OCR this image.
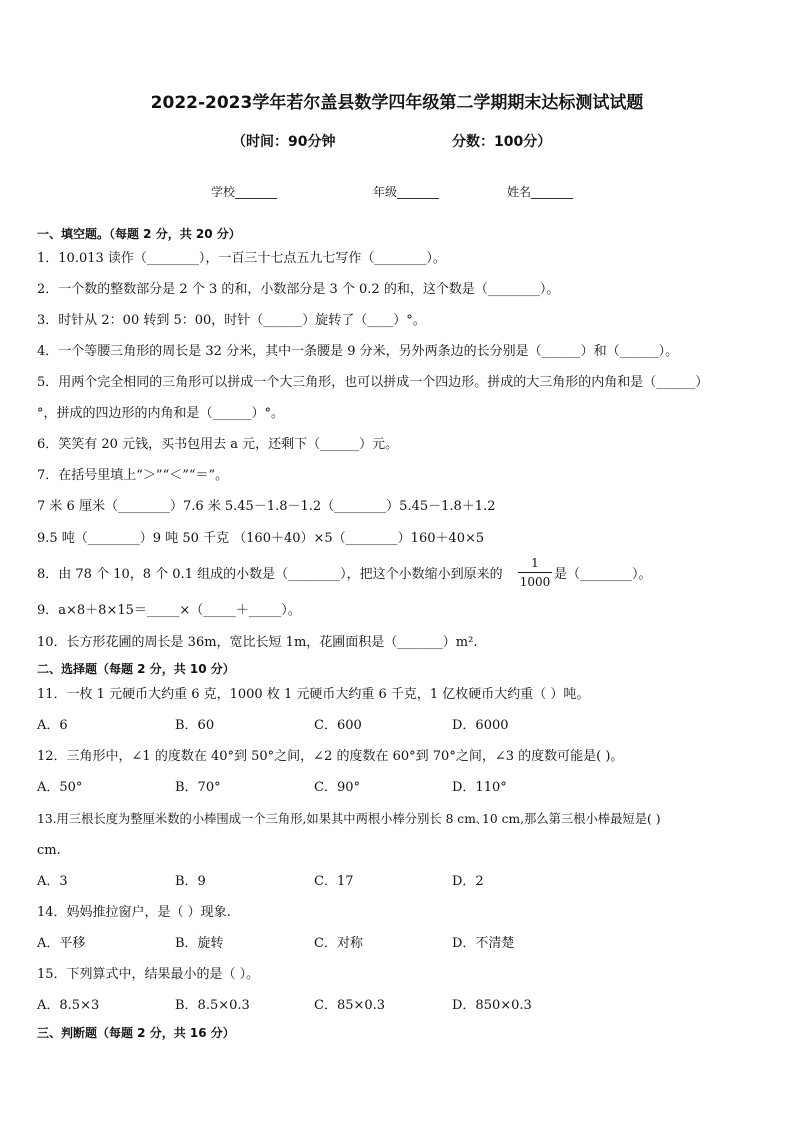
2022-2023学年若尔盖县数学四年级第二学期期末达标测试试题
（时间：90分钟	分数：100分）
学校_______	年级_______	姓名_______
一、填空题。（每题 2 分，共 20 分）
1．10.013 读作（________），一百三十七点五九七写作（________）。
2．一个数的整数部分是 2 个 3 的和，小数部分是 3 个 0.2 的和，这个数是（________）。
3．时针从 2：00 转到 5：00，时针（______）旋转了（____）°。
4．一个等腰三角形的周长是 32 分米，其中一条腰是 9 分米，另外两条边的长分别是（______）和（______）。
5．用两个完全相同的三角形可以拼成一个大三角形，也可以拼成一个四边形。拼成的大三角形的内角和是（______）
°，拼成的四边形的内角和是（______）°。
6．笑笑有 20 元钱，买书包用去 a 元，还剩下（______）元。
7．在括号里填上“＞”“＜”“＝”。
7 米 6 厘米（________）7.6 米 5.45－1.8－1.2（________）5.45－1.8＋1.2
9.5 吨（________）9 吨 50 千克 （160＋40）×5（________）160＋40×5
8．由 78 个 10，8 个 0.1 组成的小数是（________），把这个小数缩小到原来的
1
1000 是（________）。
9．a×8＋8×15＝_____×（_____＋_____）。
10．长方形花圃的周长是 36m，宽比长短 1m，花圃面积是（_______）m².
二、选择题（每题 2 分，共 10 分）
11．一枚 1 元硬币大约重 6 克，1000 枚 1 元硬币大约重 6 千克，1 亿枚硬币大约重（ ）吨。
A．6	B．60	C．600	D．6000
12．三角形中，∠1 的度数在 40°到 50°之间，∠2 的度数在 60°到 70°之间，∠3 的度数可能是( )。
A．50°	B．70°	C．90°	D．110°
13.用三根长度为整厘米数的小棒围成一个三角形,如果其中两根小棒分别长 8 cm､10 cm,那么第三根小棒最短是( )
cm.
A．3	B．9	C．17	D．2
14．妈妈推拉窗户，是（ ）现象.
A．平移	B．旋转	C．对称	D．不清楚
15．下列算式中，结果最小的是（ ）。
A．8.5×3	B．8.5×0.3	C．85×0.3	D．850×0.3
三、判断题（每题 2 分，共 16 分）
